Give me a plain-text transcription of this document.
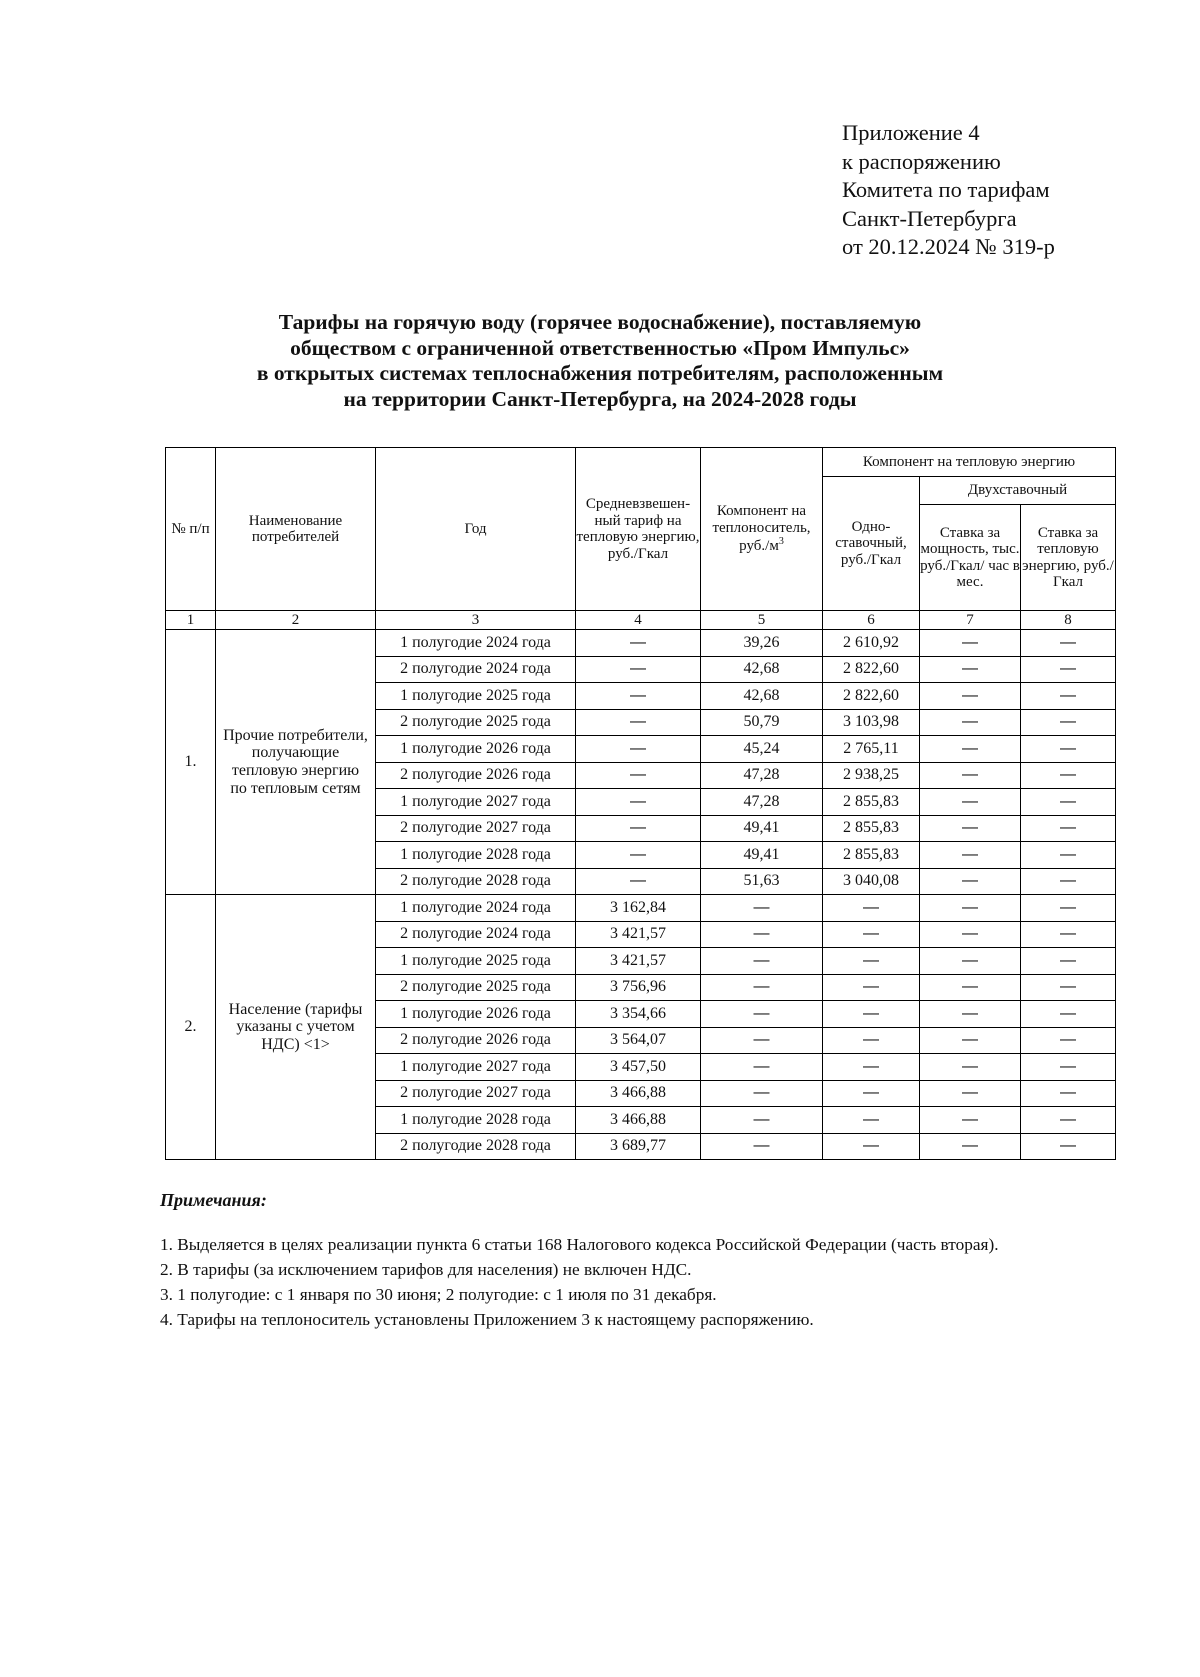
Приложение 4
к распоряжению
Комитета по тарифам
Санкт-Петербурга
от 20.12.2024 № 319-р
Тарифы на горячую воду (горячее водоснабжение), поставляемую
обществом с ограниченной ответственностью «Пром Импульс»
в открытых системах теплоснабжения потребителям, расположенным
на территории Санкт-Петербурга, на 2024-2028 годы
№ п/п	Наименование потребителей	Год	Средневзвешен-ный тариф на тепловую энергию, руб./Гкал	Компонент на теплоноситель, $руб./м^3$	Компонент на тепловую энергию		
					Одно-ставочный, руб./Гкал	Двухставочный	
						Ставка за мощность, тыс. руб./Гкал/ час в мес.	Ставка за тепловую энергию, руб./Гкал
1	2	3	4	5	6	7	8
1.	Прочие потребители, получающие тепловую энергию по тепловым сетям	1 полугодие 2024 года	—	39,26	2 610,92	—	—
		2 полугодие 2024 года	—	42,68	2 822,60	—	—
		1 полугодие 2025 года	—	42,68	2 822,60	—	—
		2 полугодие 2025 года	—	50,79	3 103,98	—	—
		1 полугодие 2026 года	—	45,24	2 765,11	—	—
		2 полугодие 2026 года	—	47,28	2 938,25	—	—
		1 полугодие 2027 года	—	47,28	2 855,83	—	—
		2 полугодие 2027 года	—	49,41	2 855,83	—	—
		1 полугодие 2028 года	—	49,41	2 855,83	—	—
		2 полугодие 2028 года	—	51,63	3 040,08	—	—
2.	Население (тарифы указаны с учетом НДС) <1>	1 полугодие 2024 года	3 162,84	—	—	—	—
		2 полугодие 2024 года	3 421,57	—	—	—	—
		1 полугодие 2025 года	3 421,57	—	—	—	—
		2 полугодие 2025 года	3 756,96	—	—	—	—
		1 полугодие 2026 года	3 354,66	—	—	—	—
		2 полугодие 2026 года	3 564,07	—	—	—	—
		1 полугодие 2027 года	3 457,50	—	—	—	—
		2 полугодие 2027 года	3 466,88	—	—	—	—
		1 полугодие 2028 года	3 466,88	—	—	—	—
		2 полугодие 2028 года	3 689,77	—	—	—	—
Примечания:
1. Выделяется в целях реализации пункта 6 статьи 168 Налогового кодекса Российской Федерации (часть вторая).
2. В тарифы (за исключением тарифов для населения) не включен НДС.
3. 1 полугодие: с 1 января по 30 июня; 2 полугодие: с 1 июля по 31 декабря.
4. Тарифы на теплоноситель установлены Приложением 3 к настоящему распоряжению.
